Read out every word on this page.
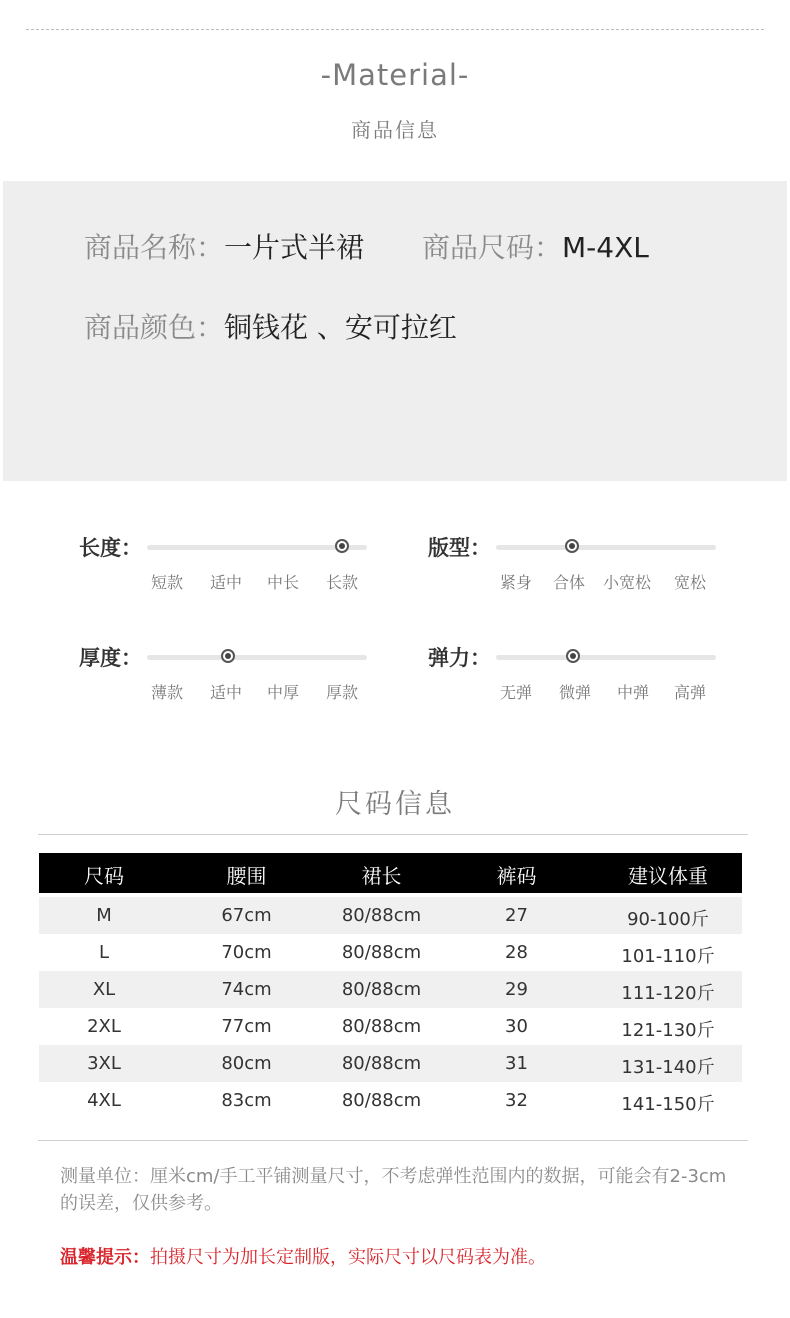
-Material-
商品信息
商品名称：一片式半裙 商品尺码：M-4XL
商品颜色：铜钱花 、安可拉红
长度：
短款 适中 中长 长款
版型：
紧身 合体 小宽松 宽松
厚度：
薄款 适中 中厚 厚款
弹力：
无弹 微弹 中弹 高弹
尺码信息
尺码	腰围	裙长	裤码	建议体重
M	67cm	80/88cm	27	90-100斤
L	70cm	80/88cm	28	101-110斤
XL	74cm	80/88cm	29	111-120斤
2XL	77cm	80/88cm	30	121-130斤
3XL	80cm	80/88cm	31	131-140斤
4XL	83cm	80/88cm	32	141-150斤
测量单位：厘米cm/手工平铺测量尺寸，不考虑弹性范围内的数据，可能会有2-3cm的误差，仅供参考。
温馨提示：拍摄尺寸为加长定制版，实际尺寸以尺码表为准。
